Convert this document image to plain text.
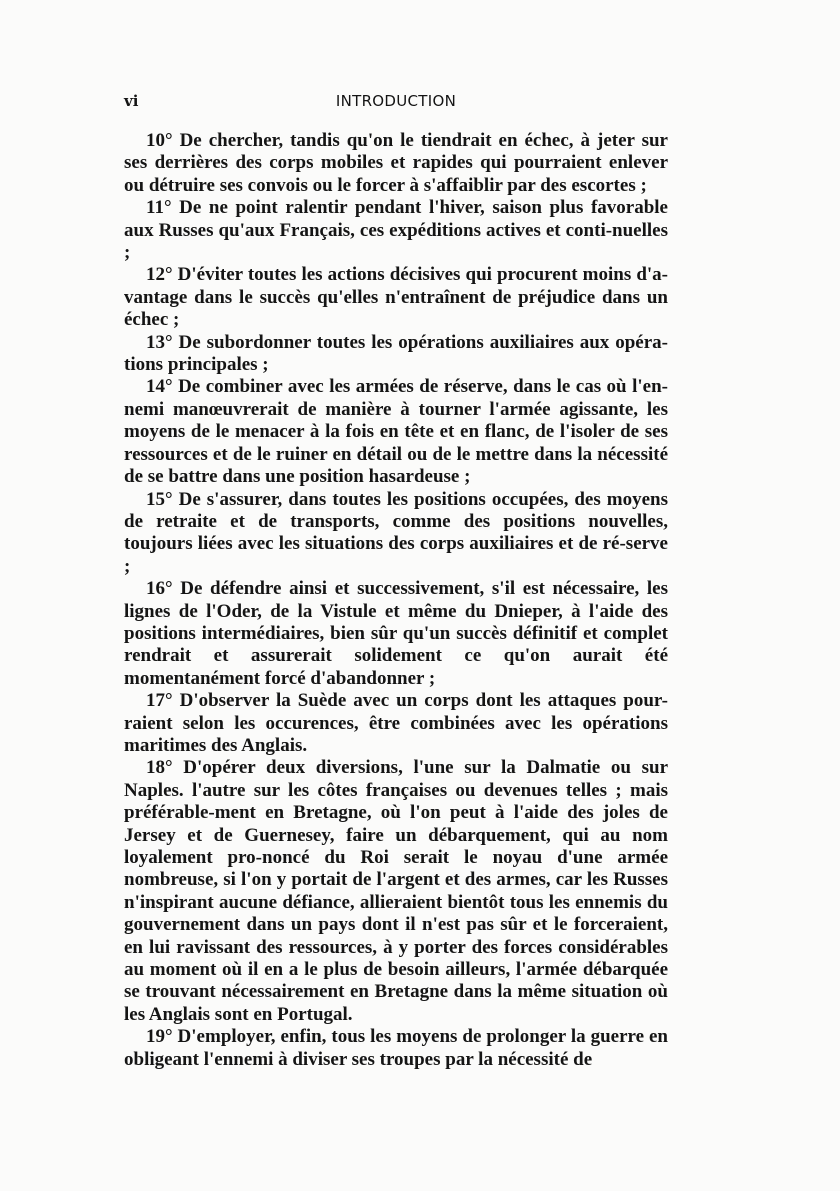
vi	INTRODUCTION

10° De chercher, tandis qu'on le tiendrait en échec, à jeter sur ses derrières des corps mobiles et rapides qui pourraient enlever ou détruire ses convois ou le forcer à s'affaiblir par des escortes ;

11° De ne point ralentir pendant l'hiver, saison plus favorable aux Russes qu'aux Français, ces expéditions actives et conti-nuelles ;

12° D'éviter toutes les actions décisives qui procurent moins d'a-vantage dans le succès qu'elles n'entraînent de préjudice dans un échec ;

13° De subordonner toutes les opérations auxiliaires aux opéra-tions principales ;

14° De combiner avec les armées de réserve, dans le cas où l'en-nemi manœuvrerait de manière à tourner l'armée agissante, les moyens de le menacer à la fois en tête et en flanc, de l'isoler de ses ressources et de le ruiner en détail ou de le mettre dans la nécessité de se battre dans une position hasardeuse ;

15° De s'assurer, dans toutes les positions occupées, des moyens de retraite et de transports, comme des positions nouvelles, toujours liées avec les situations des corps auxiliaires et de ré-serve ;

16° De défendre ainsi et successivement, s'il est nécessaire, les lignes de l'Oder, de la Vistule et même du Dnieper, à l'aide des positions intermédiaires, bien sûr qu'un succès définitif et complet rendrait et assurerait solidement ce qu'on aurait été momentanément forcé d'abandonner ;

17° D'observer la Suède avec un corps dont les attaques pour-raient selon les occurences, être combinées avec les opérations maritimes des Anglais.

18° D'opérer deux diversions, l'une sur la Dalmatie ou sur Naples. l'autre sur les côtes françaises ou devenues telles ; mais préférable-ment en Bretagne, où l'on peut à l'aide des joles de Jersey et de Guernesey, faire un débarquement, qui au nom loyalement pro-noncé du Roi serait le noyau d'une armée nombreuse, si l'on y portait de l'argent et des armes, car les Russes n'inspirant aucune défiance, allieraient bientôt tous les ennemis du gouvernement dans un pays dont il n'est pas sûr et le forceraient, en lui ravissant des ressources, à y porter des forces considérables au moment où il en a le plus de besoin ailleurs, l'armée débarquée se trouvant nécessairement en Bretagne dans la même situation où les Anglais sont en Portugal.

19° D'employer, enfin, tous les moyens de prolonger la guerre en obligeant l'ennemi à diviser ses troupes par la nécessité de
